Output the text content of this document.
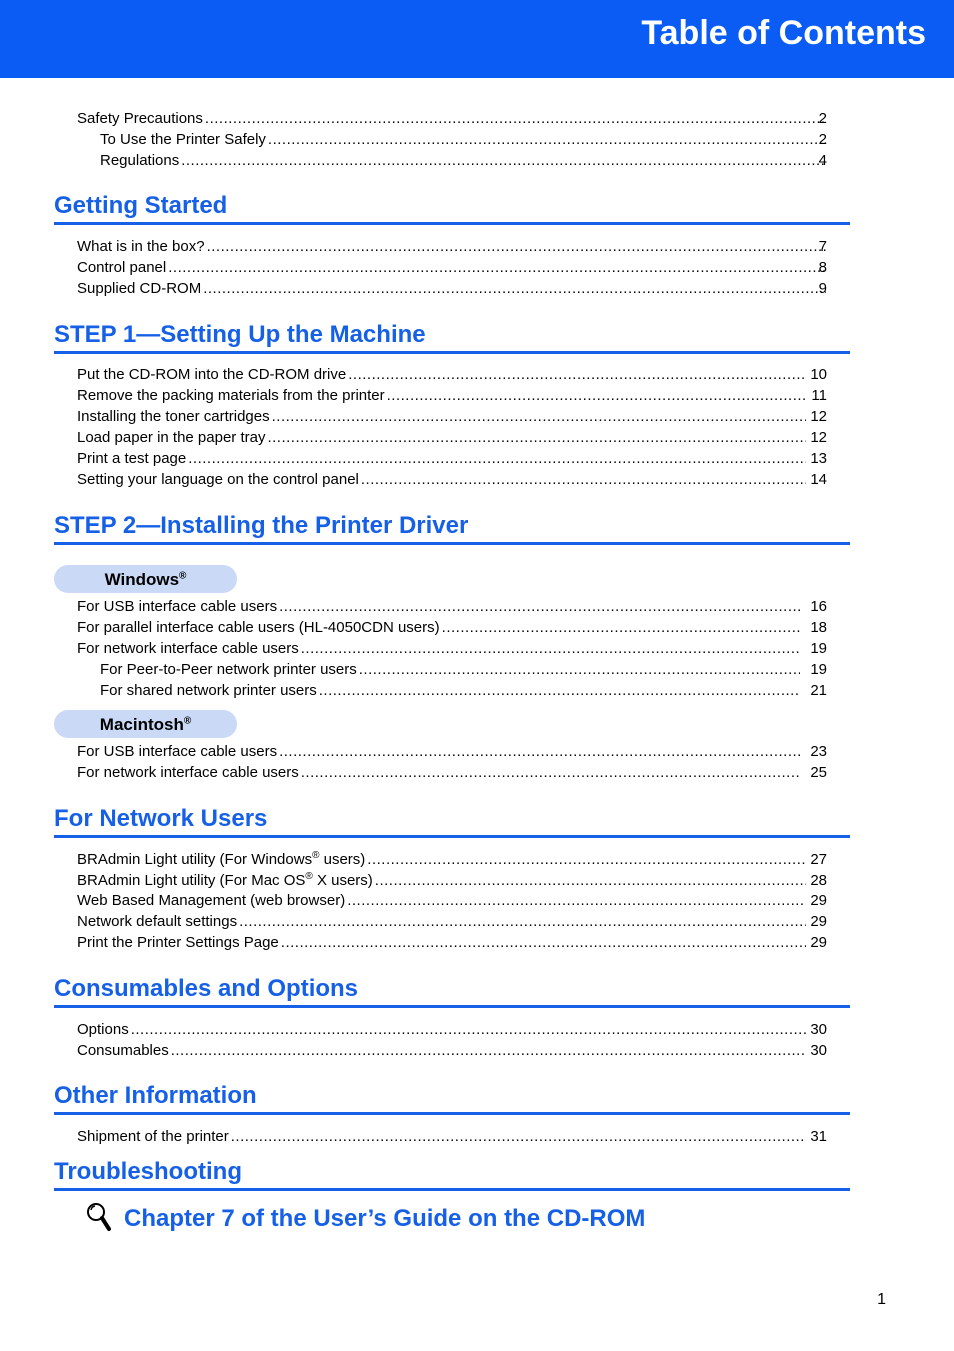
Table of Contents
Safety Precautions .....	2
To Use the Printer Safely .....	2
Regulations .....	4
Getting Started
What is in the box? .....	7
Control panel .....	8
Supplied CD-ROM .....	9
STEP 1—Setting Up the Machine
Put the CD-ROM into the CD-ROM drive .....	10
Remove the packing materials from the printer .....	11
Installing the toner cartridges .....	12
Load paper in the paper tray .....	12
Print a test page .....	13
Setting your language on the control panel .....	14
STEP 2—Installing the Printer Driver
Windows®
For USB interface cable users .....	16
For parallel interface cable users (HL-4050CDN users) .....	18
For network interface cable users .....	19
For Peer-to-Peer network printer users .....	19
For shared network printer users .....	21
Macintosh®
For USB interface cable users .....	23
For network interface cable users .....	25
For Network Users
BRAdmin Light utility (For Windows® users) .....	27
BRAdmin Light utility (For Mac OS® X users) .....	28
Web Based Management (web browser) .....	29
Network default settings .....	29
Print the Printer Settings Page .....	29
Consumables and Options
Options .....	30
Consumables .....	30
Other Information
Shipment of the printer .....	31
Troubleshooting
Chapter 7 of the User’s Guide on the CD-ROM
1
